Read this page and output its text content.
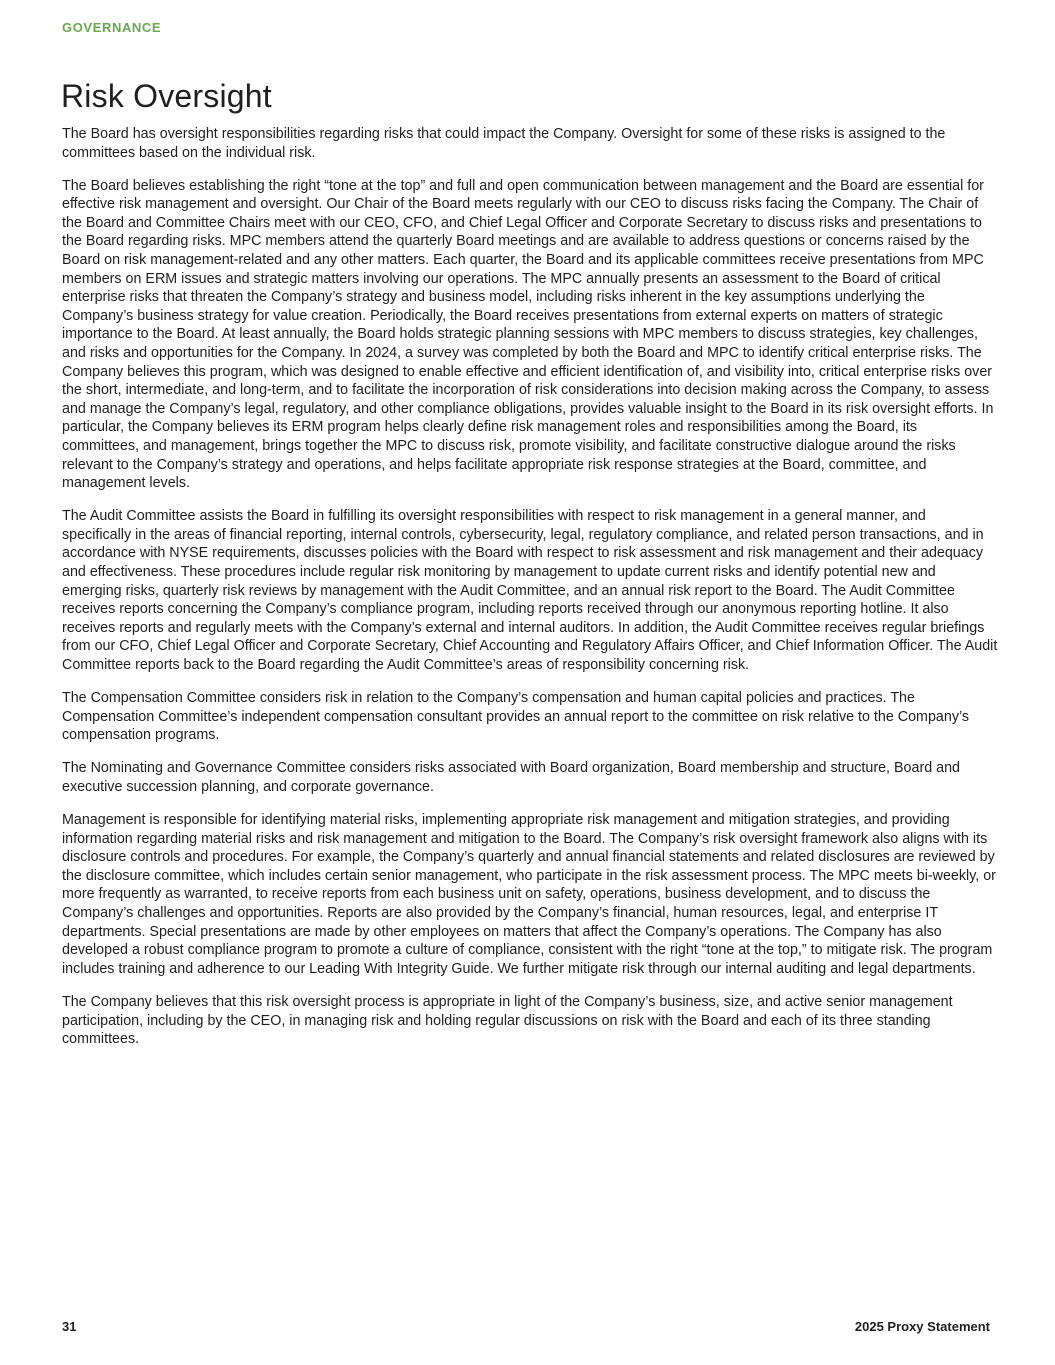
GOVERNANCE
Risk Oversight

The Board has oversight responsibilities regarding risks that could impact the Company. Oversight for some of these risks is assigned to the committees based on the individual risk.

The Board believes establishing the right “tone at the top” and full and open communication between management and the Board are essential for effective risk management and oversight. Our Chair of the Board meets regularly with our CEO to discuss risks facing the Company. The Chair of the Board and Committee Chairs meet with our CEO, CFO, and Chief Legal Officer and Corporate Secretary to discuss risks and presentations to the Board regarding risks. MPC members attend the quarterly Board meetings and are available to address questions or concerns raised by the Board on risk management-related and any other matters. Each quarter, the Board and its applicable committees receive presentations from MPC members on ERM issues and strategic matters involving our operations. The MPC annually presents an assessment to the Board of critical enterprise risks that threaten the Company’s strategy and business model, including risks inherent in the key assumptions underlying the Company’s business strategy for value creation. Periodically, the Board receives presentations from external experts on matters of strategic importance to the Board. At least annually, the Board holds strategic planning sessions with MPC members to discuss strategies, key challenges, and risks and opportunities for the Company. In 2024, a survey was completed by both the Board and MPC to identify critical enterprise risks. The Company believes this program, which was designed to enable effective and efficient identification of, and visibility into, critical enterprise risks over the short, intermediate, and long-term, and to facilitate the incorporation of risk considerations into decision making across the Company, to assess and manage the Company’s legal, regulatory, and other compliance obligations, provides valuable insight to the Board in its risk oversight efforts. In particular, the Company believes its ERM program helps clearly define risk management roles and responsibilities among the Board, its committees, and management, brings together the MPC to discuss risk, promote visibility, and facilitate constructive dialogue around the risks relevant to the Company’s strategy and operations, and helps facilitate appropriate risk response strategies at the Board, committee, and management levels.

The Audit Committee assists the Board in fulfilling its oversight responsibilities with respect to risk management in a general manner, and specifically in the areas of financial reporting, internal controls, cybersecurity, legal, regulatory compliance, and related person transactions, and in accordance with NYSE requirements, discusses policies with the Board with respect to risk assessment and risk management and their adequacy and effectiveness. These procedures include regular risk monitoring by management to update current risks and identify potential new and emerging risks, quarterly risk reviews by management with the Audit Committee, and an annual risk report to the Board. The Audit Committee receives reports concerning the Company’s compliance program, including reports received through our anonymous reporting hotline. It also receives reports and regularly meets with the Company’s external and internal auditors. In addition, the Audit Committee receives regular briefings from our CFO, Chief Legal Officer and Corporate Secretary, Chief Accounting and Regulatory Affairs Officer, and Chief Information Officer. The Audit Committee reports back to the Board regarding the Audit Committee’s areas of responsibility concerning risk.

The Compensation Committee considers risk in relation to the Company’s compensation and human capital policies and practices. The Compensation Committee’s independent compensation consultant provides an annual report to the committee on risk relative to the Company’s compensation programs.

The Nominating and Governance Committee considers risks associated with Board organization, Board membership and structure, Board and executive succession planning, and corporate governance.

Management is responsible for identifying material risks, implementing appropriate risk management and mitigation strategies, and providing information regarding material risks and risk management and mitigation to the Board. The Company’s risk oversight framework also aligns with its disclosure controls and procedures. For example, the Company’s quarterly and annual financial statements and related disclosures are reviewed by the disclosure committee, which includes certain senior management, who participate in the risk assessment process. The MPC meets bi-weekly, or more frequently as warranted, to receive reports from each business unit on safety, operations, business development, and to discuss the Company’s challenges and opportunities. Reports are also provided by the Company’s financial, human resources, legal, and enterprise IT departments. Special presentations are made by other employees on matters that affect the Company’s operations. The Company has also developed a robust compliance program to promote a culture of compliance, consistent with the right “tone at the top,” to mitigate risk. The program includes training and adherence to our Leading With Integrity Guide. We further mitigate risk through our internal auditing and legal departments.

The Company believes that this risk oversight process is appropriate in light of the Company’s business, size, and active senior management participation, including by the CEO, in managing risk and holding regular discussions on risk with the Board and each of its three standing committees.

31	2025 Proxy Statement
